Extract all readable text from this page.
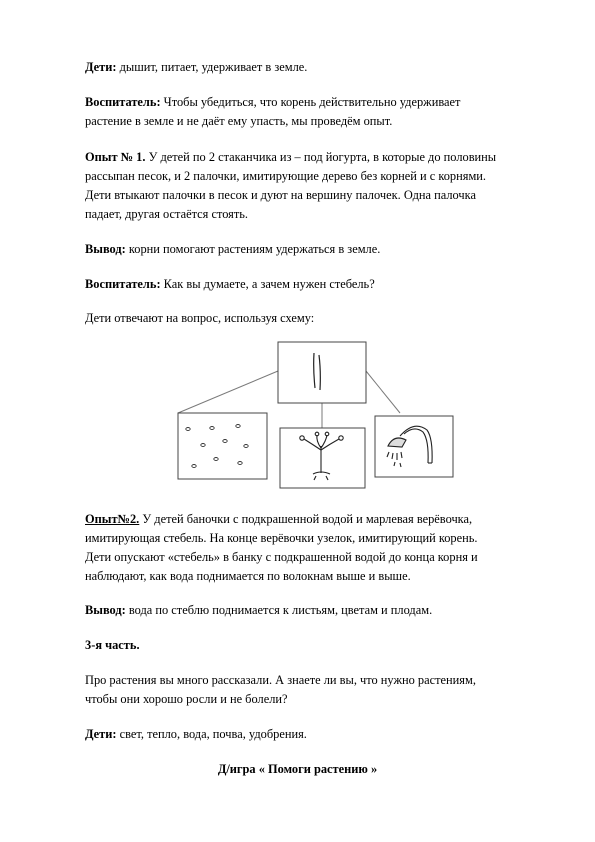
Дети: дышит, питает, удерживает в земле.
Воспитатель: Чтобы убедиться, что корень действительно удерживает
растение в земле и не даёт ему упасть, мы проведём опыт.
Опыт № 1. У детей по 2 стаканчика из – под йогурта, в которые до половины
рассыпан песок, и 2 палочки, имитирующие дерево без корней и с корнями.
Дети втыкают палочки в песок и дуют на вершину палочек. Одна палочка
падает, другая остаётся стоять.
Вывод: корни помогают растениям удержаться в земле.
Воспитатель: Как вы думаете, а зачем нужен стебель?
Дети отвечают на вопрос, используя схему:
Опыт№2. У детей баночки с подкрашенной водой и марлевая верёвочка,
имитирующая стебель. На конце верёвочки узелок, имитирующий корень.
Дети опускают «стебель» в банку с подкрашенной водой до конца корня и
наблюдают, как вода поднимается по волокнам выше и выше.
Вывод: вода по стеблю поднимается к листьям, цветам и плодам.
3-я часть.
Про растения вы много рассказали. А знаете ли вы, что нужно растениям,
чтобы они хорошо росли и не болели?
Дети: свет, тепло, вода, почва, удобрения.
Д/игра « Помоги растению »
